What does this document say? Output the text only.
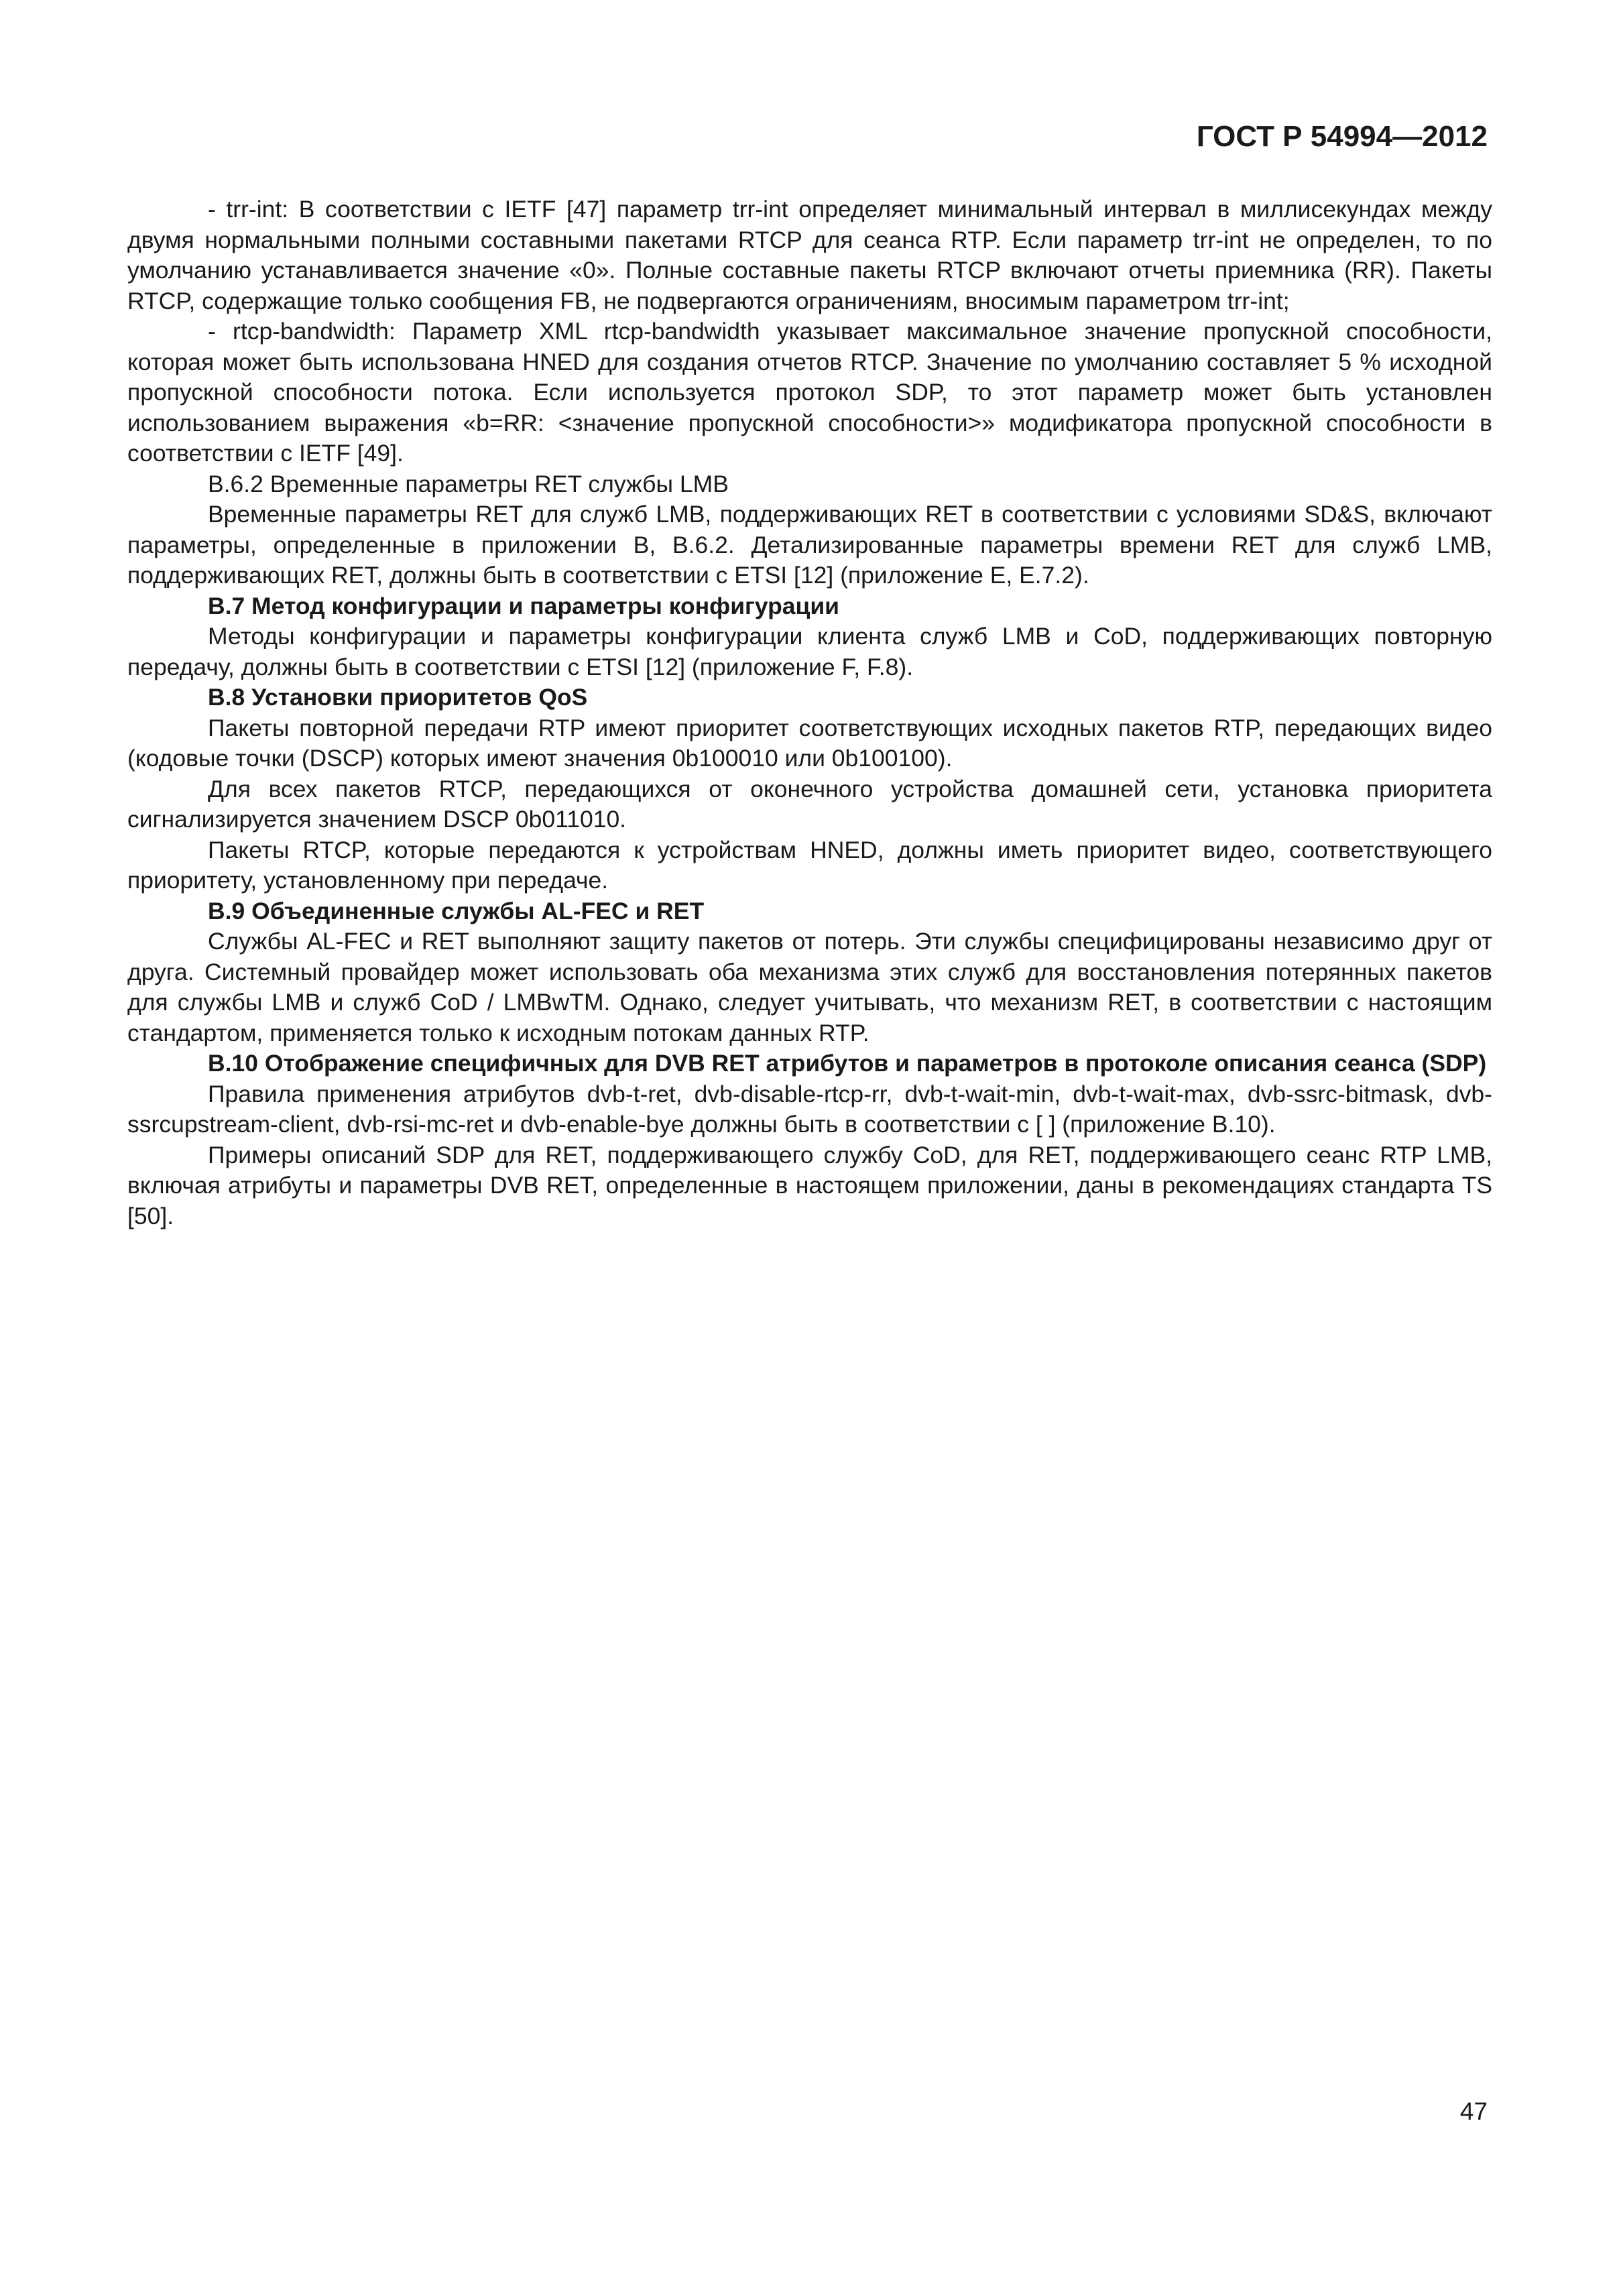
ГОСТ Р 54994—2012

- trr-int: В соответствии с IETF [47] параметр trr-int определяет минимальный интервал в миллисекундах между двумя нормальными полными составными пакетами RTCP для сеанса RTP. Если параметр trr-int не определен, то по умолчанию устанавливается значение «0». Полные составные пакеты RTCP включают отчеты приемника (RR). Пакеты RTCP, содержащие только сообщения FB, не подвергаются ограничениям, вносимым параметром trr-int;

- rtcp-bandwidth: Параметр XML rtcp-bandwidth указывает максимальное значение пропускной способности, которая может быть использована HNED для создания отчетов RTCP. Значение по умолчанию составляет 5 % исходной пропускной способности потока. Если используется протокол SDP, то этот параметр может быть установлен использованием выражения «b=RR: <значение пропускной способности>» модификатора пропускной способности в соответствии с IETF [49].

B.6.2 Временные параметры RET службы LMB

Временные параметры RET для служб LMB, поддерживающих RET в соответствии с условиями SD&S, включают параметры, определенные в приложении B, B.6.2. Детализированные параметры времени RET для служб LMB, поддерживающих RET, должны быть в соответствии с ETSI [12] (приложение E, E.7.2).

B.7 Метод конфигурации и параметры конфигурации

Методы конфигурации и параметры конфигурации клиента служб LMB и CoD, поддерживающих повторную передачу, должны быть в соответствии с ETSI [12] (приложение F, F.8).

B.8 Установки приоритетов QoS

Пакеты повторной передачи RTP имеют приоритет соответствующих исходных пакетов RTP, передающих видео (кодовые точки (DSCP) которых имеют значения 0b100010 или 0b100100).

Для всех пакетов RTCP, передающихся от оконечного устройства домашней сети, установка приоритета сигнализируется значением DSCP 0b011010.

Пакеты RTCP, которые передаются к устройствам HNED, должны иметь приоритет видео, соответствующего приоритету, установленному при передаче.

B.9 Объединенные службы AL-FEC и RET

Службы AL-FEC и RET выполняют защиту пакетов от потерь. Эти службы специфицированы независимо друг от друга. Системный провайдер может использовать оба механизма этих служб для восстановления потерянных пакетов для службы LMB и служб CoD / LMBwTM. Однако, следует учитывать, что механизм RET, в соответствии с настоящим стандартом, применяется только к исходным потокам данных RTP.

B.10 Отображение специфичных для DVB RET атрибутов и параметров в протоколе описания сеанса (SDP)

Правила применения атрибутов dvb-t-ret, dvb-disable-rtcp-rr, dvb-t-wait-min, dvb-t-wait-max, dvb-ssrc-bitmask, dvb-ssrcupstream-client, dvb-rsi-mc-ret и dvb-enable-bye должны быть в соответствии с [ ] (приложение B.10).

Примеры описаний SDP для RET, поддерживающего службу CoD, для RET, поддерживающего сеанс RTP LMB, включая атрибуты и параметры DVB RET, определенные в настоящем приложении, даны в рекомендациях стандарта TS [50].

47
